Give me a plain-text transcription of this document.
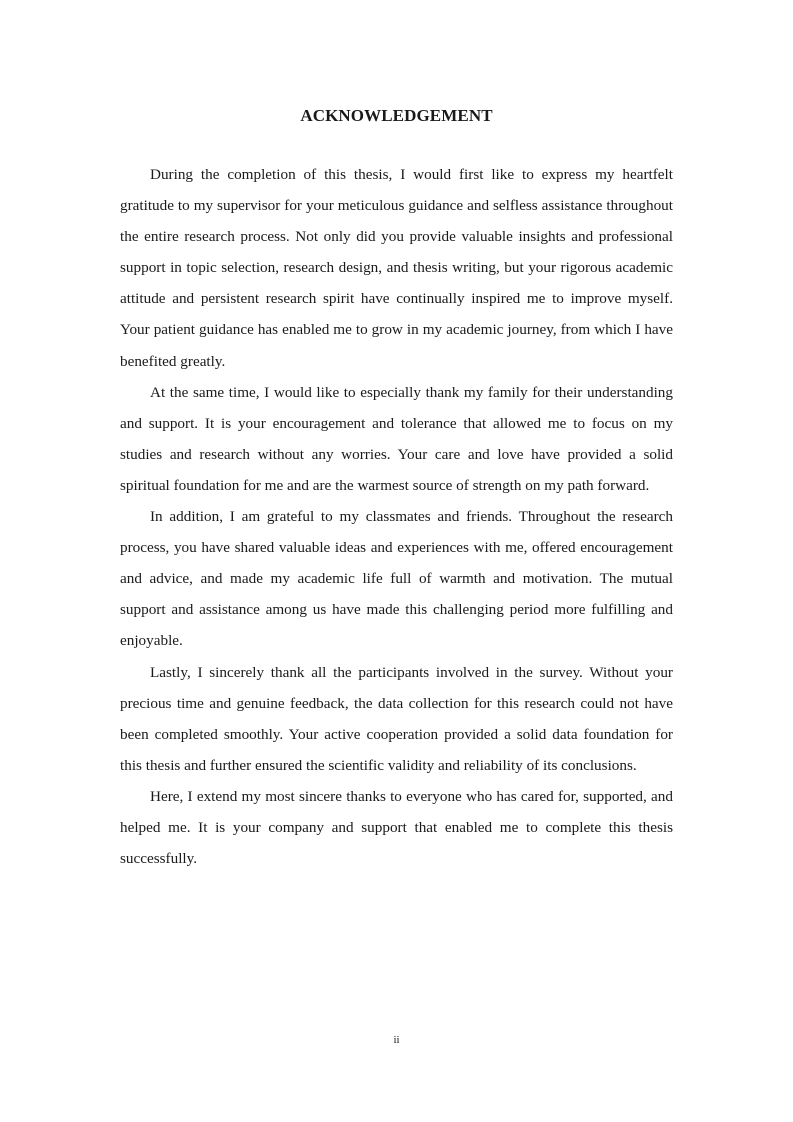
ACKNOWLEDGEMENT

During the completion of this thesis, I would first like to express my heartfelt gratitude to my supervisor for your meticulous guidance and selfless assistance throughout the entire research process. Not only did you provide valuable insights and professional support in topic selection, research design, and thesis writing, but your rigorous academic attitude and persistent research spirit have continually inspired me to improve myself. Your patient guidance has enabled me to grow in my academic journey, from which I have benefited greatly.

At the same time, I would like to especially thank my family for their understanding and support. It is your encouragement and tolerance that allowed me to focus on my studies and research without any worries. Your care and love have provided a solid spiritual foundation for me and are the warmest source of strength on my path forward.

In addition, I am grateful to my classmates and friends. Throughout the research process, you have shared valuable ideas and experiences with me, offered encouragement and advice, and made my academic life full of warmth and motivation. The mutual support and assistance among us have made this challenging period more fulfilling and enjoyable.

Lastly, I sincerely thank all the participants involved in the survey. Without your precious time and genuine feedback, the data collection for this research could not have been completed smoothly. Your active cooperation provided a solid data foundation for this thesis and further ensured the scientific validity and reliability of its conclusions.

Here, I extend my most sincere thanks to everyone who has cared for, supported, and helped me. It is your company and support that enabled me to complete this thesis successfully.

ii
